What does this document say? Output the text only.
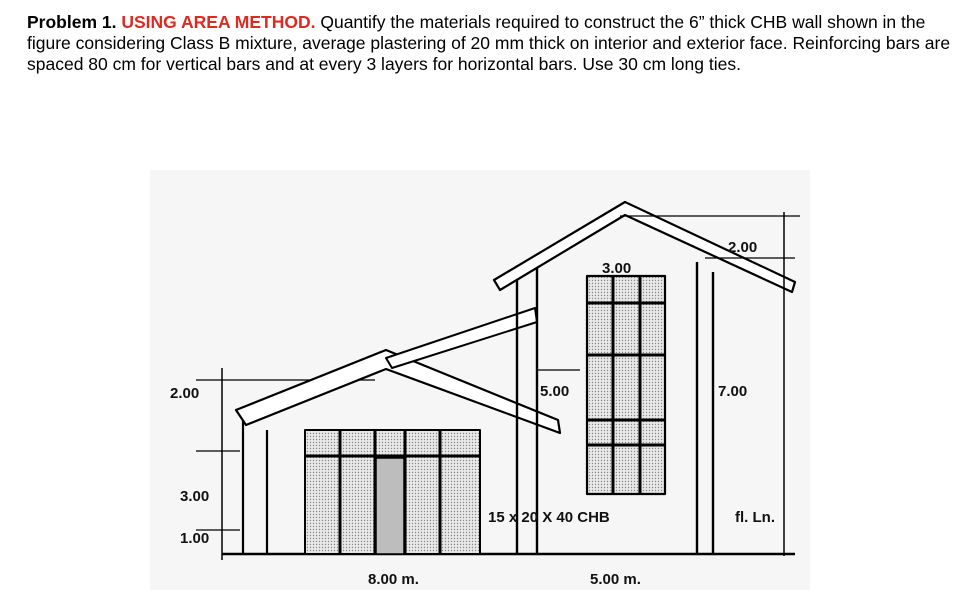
Problem 1. USING AREA METHOD. Quantify the materials required to construct the 6” thick CHB wall shown in the figure considering Class B mixture, average plastering of 20 mm thick on interior and exterior face. Reinforcing bars are spaced 80 cm for vertical bars and at every 3 layers for horizontal bars. Use 30 cm long ties.
2.00
3.00
1.00
3.00
2.00
5.00	7.00
15 x 20 X 40 CHB	fl. Ln.
8.00 m.	5.00 m.
